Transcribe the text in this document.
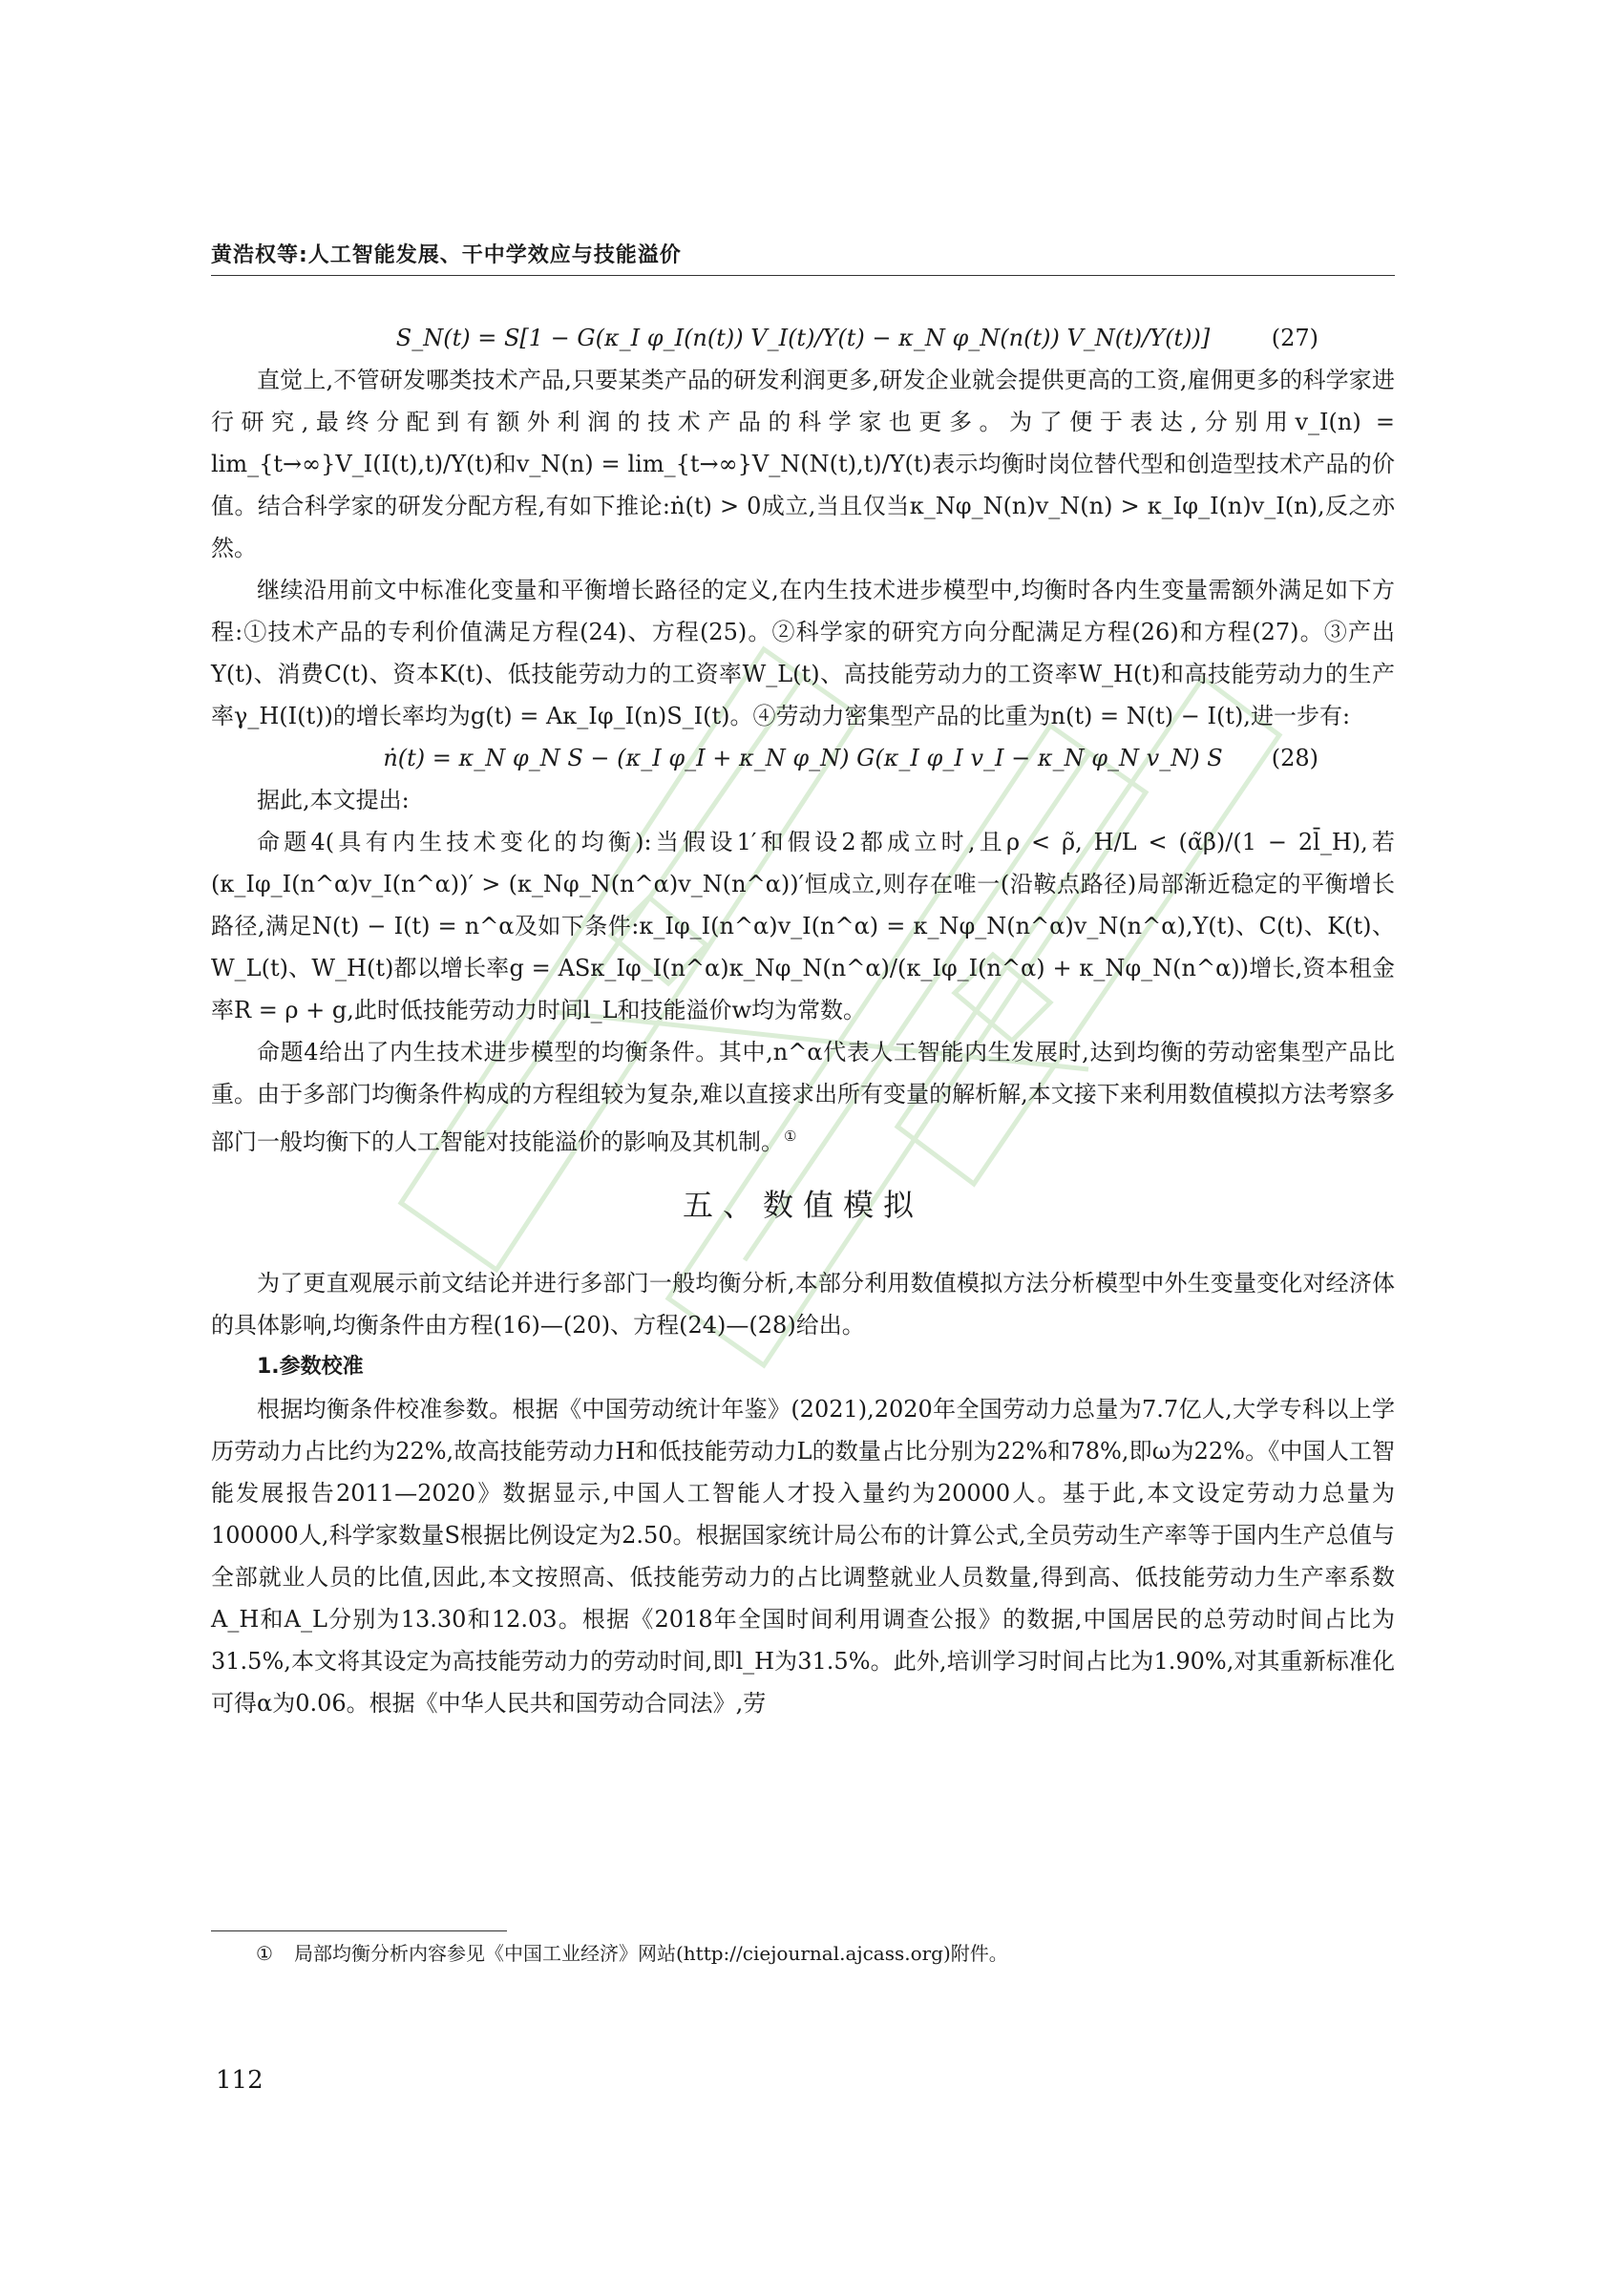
黄浩权等:人工智能发展、干中学效应与技能溢价
S_N(t) = S[1 − G(κ_I φ_I(n(t)) V_I(t)/Y(t) − κ_N φ_N(n(t)) V_N(t)/Y(t))]	(27)

直觉上,不管研发哪类技术产品,只要某类产品的研发利润更多,研发企业就会提供更高的工资,雇佣更多的科学家进行研究,最终分配到有额外利润的技术产品的科学家也更多。为了便于表达,分别用v_I(n) = lim_{t→∞}V_I(I(t),t)/Y(t)和v_N(n) = lim_{t→∞}V_N(N(t),t)/Y(t)表示均衡时岗位替代型和创造型技术产品的价值。结合科学家的研发分配方程,有如下推论:ṅ(t) > 0成立,当且仅当κ_Nφ_N(n)v_N(n) > κ_Iφ_I(n)v_I(n),反之亦然。

继续沿用前文中标准化变量和平衡增长路径的定义,在内生技术进步模型中,均衡时各内生变量需额外满足如下方程:①技术产品的专利价值满足方程(24)、方程(25)。②科学家的研究方向分配满足方程(26)和方程(27)。③产出Y(t)、消费C(t)、资本K(t)、低技能劳动力的工资率W_L(t)、高技能劳动力的工资率W_H(t)和高技能劳动力的生产率γ_H(I(t))的增长率均为g(t) = Aκ_Iφ_I(n)S_I(t)。④劳动力密集型产品的比重为n(t) = N(t) − I(t),进一步有:

ṅ(t) = κ_N φ_N S − (κ_I φ_I + κ_N φ_N) G(κ_I φ_I v_I − κ_N φ_N v_N) S	(28)

据此,本文提出:

命题4(具有内生技术变化的均衡):当假设1′和假设2都成立时,且ρ < ρ̃, H/L < (α̃β)/(1 − 2l̄_H),若(κ_Iφ_I(n^α)v_I(n^α))′ > (κ_Nφ_N(n^α)v_N(n^α))′恒成立,则存在唯一(沿鞍点路径)局部渐近稳定的平衡增长路径,满足N(t) − I(t) = n^α及如下条件:κ_Iφ_I(n^α)v_I(n^α) = κ_Nφ_N(n^α)v_N(n^α),Y(t)、C(t)、K(t)、W_L(t)、W_H(t)都以增长率g = ASκ_Iφ_I(n^α)κ_Nφ_N(n^α)/(κ_Iφ_I(n^α) + κ_Nφ_N(n^α))增长,资本租金率R = ρ + g,此时低技能劳动力时间l_L和技能溢价w均为常数。

命题4给出了内生技术进步模型的均衡条件。其中,n^α代表人工智能内生发展时,达到均衡的劳动密集型产品比重。由于多部门均衡条件构成的方程组较为复杂,难以直接求出所有变量的解析解,本文接下来利用数值模拟方法考察多部门一般均衡下的人工智能对技能溢价的影响及其机制。①

五、数值模拟

为了更直观展示前文结论并进行多部门一般均衡分析,本部分利用数值模拟方法分析模型中外生变量变化对经济体的具体影响,均衡条件由方程(16)—(20)、方程(24)—(28)给出。

1.参数校准

根据均衡条件校准参数。根据《中国劳动统计年鉴》(2021),2020年全国劳动力总量为7.7亿人,大学专科以上学历劳动力占比约为22%,故高技能劳动力H和低技能劳动力L的数量占比分别为22%和78%,即ω为22%。《中国人工智能发展报告2011—2020》数据显示,中国人工智能人才投入量约为20000人。基于此,本文设定劳动力总量为100000人,科学家数量S根据比例设定为2.50。根据国家统计局公布的计算公式,全员劳动生产率等于国内生产总值与全部就业人员的比值,因此,本文按照高、低技能劳动力的占比调整就业人员数量,得到高、低技能劳动力生产率系数A_H和A_L分别为13.30和12.03。根据《2018年全国时间利用调查公报》的数据,中国居民的总劳动时间占比为31.5%,本文将其设定为高技能劳动力的劳动时间,即l_H为31.5%。此外,培训学习时间占比为1.90%,对其重新标准化可得α为0.06。根据《中华人民共和国劳动合同法》,劳

① 局部均衡分析内容参见《中国工业经济》网站(http://ciejournal.ajcass.org)附件。
112
